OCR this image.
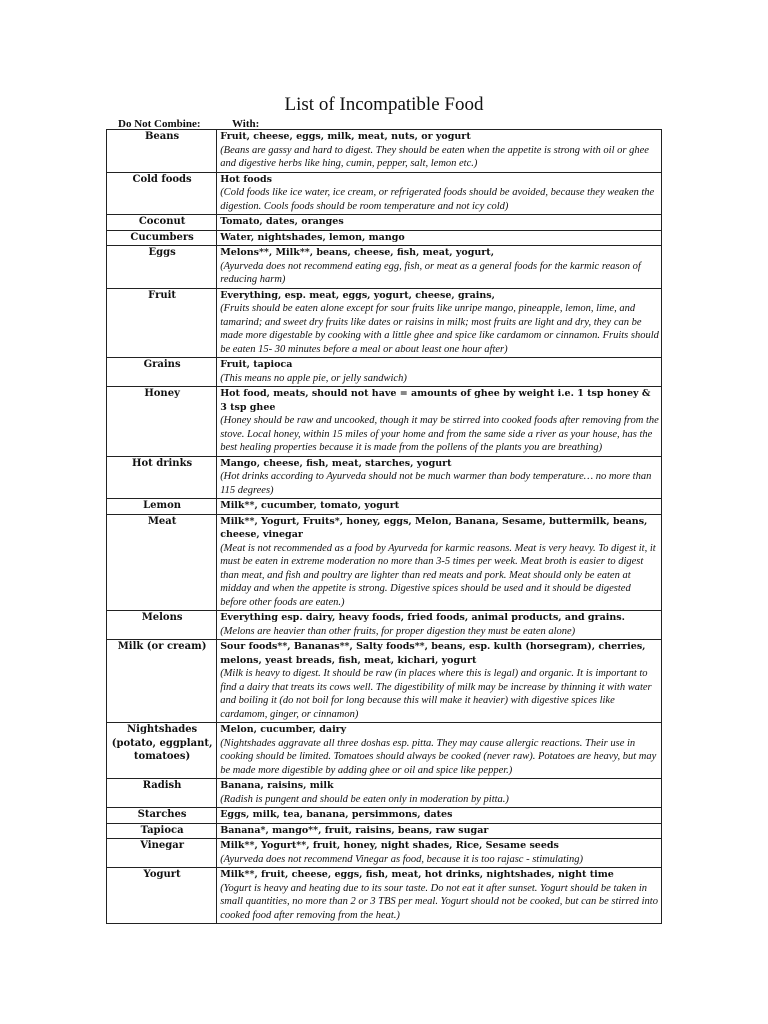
List of Incompatible Food
Do Not Combine:	With:
Beans	Fruit, cheese, eggs, milk, meat, nuts, or yogurt
(Beans are gassy and hard to digest. They should be eaten when the appetite is strong with oil or ghee and digestive herbs like hing, cumin, pepper, salt, lemon etc.)

Cold foods	Hot foods
(Cold foods like ice water, ice cream, or refrigerated foods should be avoided, because they weaken the digestion. Cools foods should be room temperature and not icy cold)

Coconut	Tomato, dates, oranges

Cucumbers	Water, nightshades, lemon, mango

Eggs	Melons**, Milk**, beans, cheese, fish, meat, yogurt,
(Ayurveda does not recommend eating egg, fish, or meat as a general foods for the karmic reason of reducing harm)

Fruit	Everything, esp. meat, eggs, yogurt, cheese, grains,
(Fruits should be eaten alone except for sour fruits like unripe mango, pineapple, lemon, lime, and tamarind; and sweet dry fruits like dates or raisins in milk; most fruits are light and dry, they can be made more digestable by cooking with a little ghee and spice like cardamom or cinnamon. Fruits should be eaten 15- 30 minutes before a meal or about least one hour after)

Grains	Fruit, tapioca
(This means no apple pie, or jelly sandwich)

Honey	Hot food, meats, should not have = amounts of ghee by weight i.e. 1 tsp honey & 3 tsp ghee
(Honey should be raw and uncooked, though it may be stirred into cooked foods after removing from the stove. Local honey, within 15 miles of your home and from the same side a river as your house, has the best healing properties because it is made from the pollens of the plants you are breathing)

Hot drinks	Mango, cheese, fish, meat, starches, yogurt
(Hot drinks according to Ayurveda should not be much warmer than body temperature… no more than 115 degrees)

Lemon	Milk**, cucumber, tomato, yogurt

Meat	Milk**, Yogurt, Fruits*, honey, eggs, Melon, Banana, Sesame, buttermilk, beans, cheese, vinegar
(Meat is not recommended as a food by Ayurveda for karmic reasons. Meat is very heavy. To digest it, it must be eaten in extreme moderation no more than 3-5 times per week. Meat broth is easier to digest than meat, and fish and poultry are lighter than red meats and pork. Meat should only be eaten at midday and when the appetite is strong. Digestive spices should be used and it should be digested before other foods are eaten.)

Melons	Everything esp. dairy, heavy foods, fried foods, animal products, and grains.
(Melons are heavier than other fruits, for proper digestion they must be eaten alone)

Milk (or cream)	Sour foods**, Bananas**, Salty foods**, beans, esp. kulth (horsegram), cherries, melons, yeast breads, fish, meat, kichari, yogurt
(Milk is heavy to digest. It should be raw (in places where this is legal) and organic. It is important to find a dairy that treats its cows well. The digestibility of milk may be increase by thinning it with water and boiling it (do not boil for long because this will make it heavier) with digestive spices like cardamom, ginger, or cinnamon)

Nightshades (potato, eggplant, tomatoes)	Melon, cucumber, dairy
(Nightshades aggravate all three doshas esp. pitta. They may cause allergic reactions. Their use in cooking should be limited. Tomatoes should always be cooked (never raw). Potatoes are heavy, but may be made more digestible by adding ghee or oil and spice like pepper.)

Radish	Banana, raisins, milk
(Radish is pungent and should be eaten only in moderation by pitta.)

Starches	Eggs, milk, tea, banana, persimmons, dates

Tapioca	Banana*, mango**, fruit, raisins, beans, raw sugar

Vinegar	Milk**, Yogurt**, fruit, honey, night shades, Rice, Sesame seeds
(Ayurveda does not recommend Vinegar as food, because it is too rajasc - stimulating)

Yogurt	Milk**, fruit, cheese, eggs, fish, meat, hot drinks, nightshades, night time
(Yogurt is heavy and heating due to its sour taste. Do not eat it after sunset. Yogurt should be taken in small quantities, no more than 2 or 3 TBS per meal. Yogurt should not be cooked, but can be stirred into cooked food after removing from the heat.)
